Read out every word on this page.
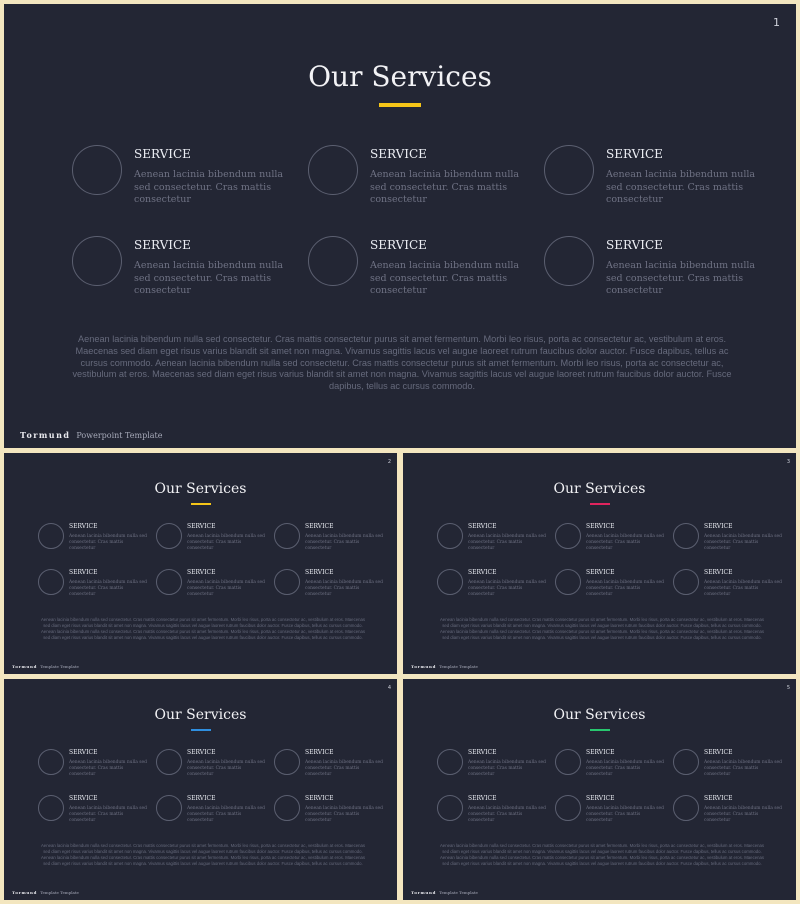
1
Our Services
SERVICE
Aenean lacinia bibendum nulla sed consectetur. Cras mattis consectetur
SERVICE
Aenean lacinia bibendum nulla sed consectetur. Cras mattis consectetur
SERVICE
Aenean lacinia bibendum nulla sed consectetur. Cras mattis consectetur
SERVICE
Aenean lacinia bibendum nulla sed consectetur. Cras mattis consectetur
SERVICE
Aenean lacinia bibendum nulla sed consectetur. Cras mattis consectetur
SERVICE
Aenean lacinia bibendum nulla sed consectetur. Cras mattis consectetur
Aenean lacinia bibendum nulla sed consectetur. Cras mattis consectetur purus sit amet fermentum. Morbi leo risus, porta ac consectetur ac, vestibulum at eros. Maecenas sed diam eget risus varius blandit sit amet non magna. Vivamus sagittis lacus vel augue laoreet rutrum faucibus dolor auctor. Fusce dapibus, tellus ac cursus commodo. Aenean lacinia bibendum nulla sed consectetur. Cras mattis consectetur purus sit amet fermentum. Morbi leo risus, porta ac consectetur ac, vestibulum at eros. Maecenas sed diam eget risus varius blandit sit amet non magna. Vivamus sagittis lacus vel augue laoreet rutrum faucibus dolor auctor. Fusce dapibus, tellus ac cursus commodo.
Tormund Powerpoint Template
2
Our Services
SERVICE
Aenean lacinia bibendum nulla sed consectetur. Cras mattis consectetur
SERVICE
Aenean lacinia bibendum nulla sed consectetur. Cras mattis consectetur
SERVICE
Aenean lacinia bibendum nulla sed consectetur. Cras mattis consectetur
SERVICE
Aenean lacinia bibendum nulla sed consectetur. Cras mattis consectetur
SERVICE
Aenean lacinia bibendum nulla sed consectetur. Cras mattis consectetur
SERVICE
Aenean lacinia bibendum nulla sed consectetur. Cras mattis consectetur
Aenean lacinia bibendum nulla sed consectetur. Cras mattis consectetur purus sit amet fermentum. Morbi leo risus, porta ac consectetur ac, vestibulum at eros. Maecenas sed diam eget risus varius blandit sit amet non magna. Vivamus sagittis lacus vel augue laoreet rutrum faucibus dolor auctor. Fusce dapibus, tellus ac cursus commodo. Aenean lacinia bibendum nulla sed consectetur. Cras mattis consectetur purus sit amet fermentum. Morbi leo risus, porta ac consectetur ac, vestibulum at eros. Maecenas sed diam eget risus varius blandit sit amet non magna. Vivamus sagittis lacus vel augue laoreet rutrum faucibus dolor auctor. Fusce dapibus, tellus ac cursus commodo.
Tormund Template Template
3
Our Services
SERVICE
Aenean lacinia bibendum nulla sed consectetur. Cras mattis consectetur
SERVICE
Aenean lacinia bibendum nulla sed consectetur. Cras mattis consectetur
SERVICE
Aenean lacinia bibendum nulla sed consectetur. Cras mattis consectetur
SERVICE
Aenean lacinia bibendum nulla sed consectetur. Cras mattis consectetur
SERVICE
Aenean lacinia bibendum nulla sed consectetur. Cras mattis consectetur
SERVICE
Aenean lacinia bibendum nulla sed consectetur. Cras mattis consectetur
Aenean lacinia bibendum nulla sed consectetur. Cras mattis consectetur purus sit amet fermentum. Morbi leo risus, porta ac consectetur ac, vestibulum at eros. Maecenas sed diam eget risus varius blandit sit amet non magna. Vivamus sagittis lacus vel augue laoreet rutrum faucibus dolor auctor. Fusce dapibus, tellus ac cursus commodo. Aenean lacinia bibendum nulla sed consectetur. Cras mattis consectetur purus sit amet fermentum. Morbi leo risus, porta ac consectetur ac, vestibulum at eros. Maecenas sed diam eget risus varius blandit sit amet non magna. Vivamus sagittis lacus vel augue laoreet rutrum faucibus dolor auctor. Fusce dapibus, tellus ac cursus commodo.
Tormund Template Template
4
Our Services
SERVICE
Aenean lacinia bibendum nulla sed consectetur. Cras mattis consectetur
SERVICE
Aenean lacinia bibendum nulla sed consectetur. Cras mattis consectetur
SERVICE
Aenean lacinia bibendum nulla sed consectetur. Cras mattis consectetur
SERVICE
Aenean lacinia bibendum nulla sed consectetur. Cras mattis consectetur
SERVICE
Aenean lacinia bibendum nulla sed consectetur. Cras mattis consectetur
SERVICE
Aenean lacinia bibendum nulla sed consectetur. Cras mattis consectetur
Aenean lacinia bibendum nulla sed consectetur. Cras mattis consectetur purus sit amet fermentum. Morbi leo risus, porta ac consectetur ac, vestibulum at eros. Maecenas sed diam eget risus varius blandit sit amet non magna. Vivamus sagittis lacus vel augue laoreet rutrum faucibus dolor auctor. Fusce dapibus, tellus ac cursus commodo. Aenean lacinia bibendum nulla sed consectetur. Cras mattis consectetur purus sit amet fermentum. Morbi leo risus, porta ac consectetur ac, vestibulum at eros. Maecenas sed diam eget risus varius blandit sit amet non magna. Vivamus sagittis lacus vel augue laoreet rutrum faucibus dolor auctor. Fusce dapibus, tellus ac cursus commodo.
Tormund Template Template
5
Our Services
SERVICE
Aenean lacinia bibendum nulla sed consectetur. Cras mattis consectetur
SERVICE
Aenean lacinia bibendum nulla sed consectetur. Cras mattis consectetur
SERVICE
Aenean lacinia bibendum nulla sed consectetur. Cras mattis consectetur
SERVICE
Aenean lacinia bibendum nulla sed consectetur. Cras mattis consectetur
SERVICE
Aenean lacinia bibendum nulla sed consectetur. Cras mattis consectetur
SERVICE
Aenean lacinia bibendum nulla sed consectetur. Cras mattis consectetur
Aenean lacinia bibendum nulla sed consectetur. Cras mattis consectetur purus sit amet fermentum. Morbi leo risus, porta ac consectetur ac, vestibulum at eros. Maecenas sed diam eget risus varius blandit sit amet non magna. Vivamus sagittis lacus vel augue laoreet rutrum faucibus dolor auctor. Fusce dapibus, tellus ac cursus commodo. Aenean lacinia bibendum nulla sed consectetur. Cras mattis consectetur purus sit amet fermentum. Morbi leo risus, porta ac consectetur ac, vestibulum at eros. Maecenas sed diam eget risus varius blandit sit amet non magna. Vivamus sagittis lacus vel augue laoreet rutrum faucibus dolor auctor. Fusce dapibus, tellus ac cursus commodo.
Tormund Template Template
